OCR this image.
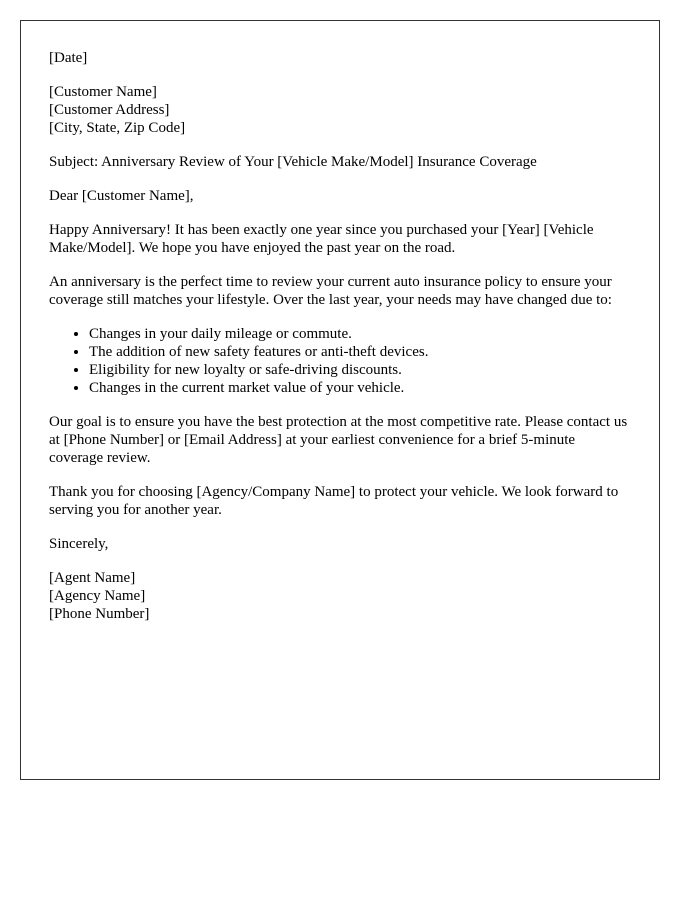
[Date]
[Customer Name]
[Customer Address]
[City, State, Zip Code]

Subject: Anniversary Review of Your [Vehicle Make/Model] Insurance Coverage

Dear [Customer Name],

Happy Anniversary! It has been exactly one year since you purchased your [Year] [Vehicle Make/Model]. We hope you have enjoyed the past year on the road.

An anniversary is the perfect time to review your current auto insurance policy to ensure your coverage still matches your lifestyle. Over the last year, your needs may have changed due to:

• Changes in your daily mileage or commute.
• The addition of new safety features or anti-theft devices.
• Eligibility for new loyalty or safe-driving discounts.
• Changes in the current market value of your vehicle.

Our goal is to ensure you have the best protection at the most competitive rate. Please contact us at [Phone Number] or [Email Address] at your earliest convenience for a brief 5-minute coverage review.

Thank you for choosing [Agency/Company Name] to protect your vehicle. We look forward to serving you for another year.

Sincerely,

[Agent Name]
[Agency Name]
[Phone Number]
